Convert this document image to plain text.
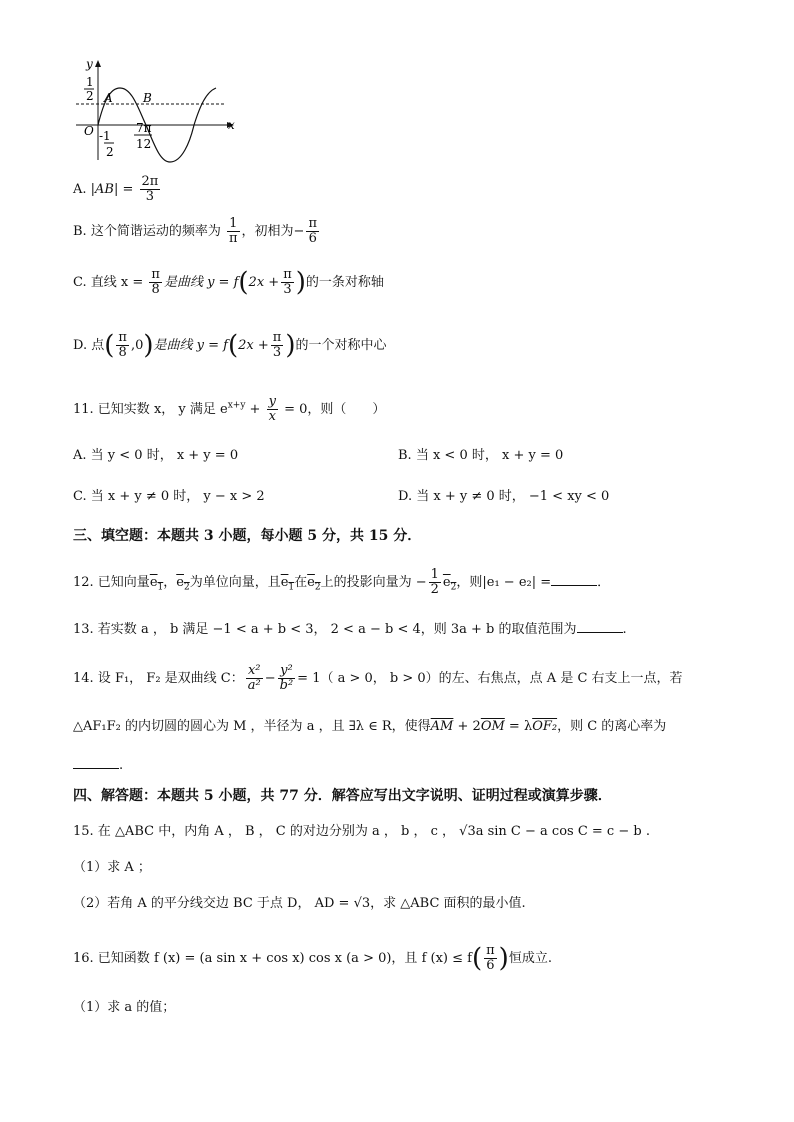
y
x
O
1
2 A	B
-1
2
7π
12
A. $|AB| = \frac{2\pi}{3}$
B. 这个简谐运动的频率为 $\frac{1}{\pi}$ ，初相为− $\frac{\pi}{6}$
C. 直线 $x = \frac{\pi}{8}$ 是曲线 $y = f(2x + \frac{\pi}{3}$ )的一条对称轴
D. 点( $\frac{\pi}{8} ,0$)是曲线 $y = f(2x + \frac{\pi}{3}$ )的一个对称中心
11. 已知实数 x， y 满足 $e^{x+y} + \frac{y}{x} = 0$，则（　　）
A. 当 y < 0 时， x + y = 0	B. 当 x < 0 时， x + y = 0
C. 当 x + y ≠ 0 时， y − x > 2	D. 当 x + y ≠ 0 时， −1 < xy < 0
三、填空题：本题共 3 小题，每小题 5 分，共 15 分．
12. 已知向量$e_1$，$e_2$为单位向量，且$e_1$在$e_2$上的投影向量为 − $\frac{1}{2} e_2$，则|e₁ − e₂| =	．
13. 若实数 a ， b 满足 −1 < a + b < 3， 2 < a − b < 4，则 3a + b 的取值范围为	.
14. 设 F₁， F₂ 是双曲线 C： $\frac{\text{x²}}{\text{a²}} - \frac{\text{y²}}{\text{b²}} = 1$（ a > 0， b > 0）的左、右焦点，点 A 是 C 右支上一点，若
△AF₁F₂ 的内切圆的圆心为 M ，半径为 a ，且 ∃λ ∈ R，使得$\overline{AM} + 2\overline{OM} = \lambda OF_2$，则 C 的离心率为
.
四、解答题：本题共 5 小题，共 77 分．解答应写出文字说明、证明过程或演算步骤．
15. 在 △ABC 中，内角 A ， B ， C 的对边分别为 a ， b ， c ， √3a sin C − a cos C = c − b .
（1）求 A ；
（2）若角 A 的平分线交边 BC 于点 D， AD = √3，求 △ABC 面积的最小值.
16. 已知函数 f (x) = (a sin x + cos x) cos x (a > 0)，且 f $(x) \le f( \frac{\pi}{6}$ )恒成立.
（1）求 a 的值；
